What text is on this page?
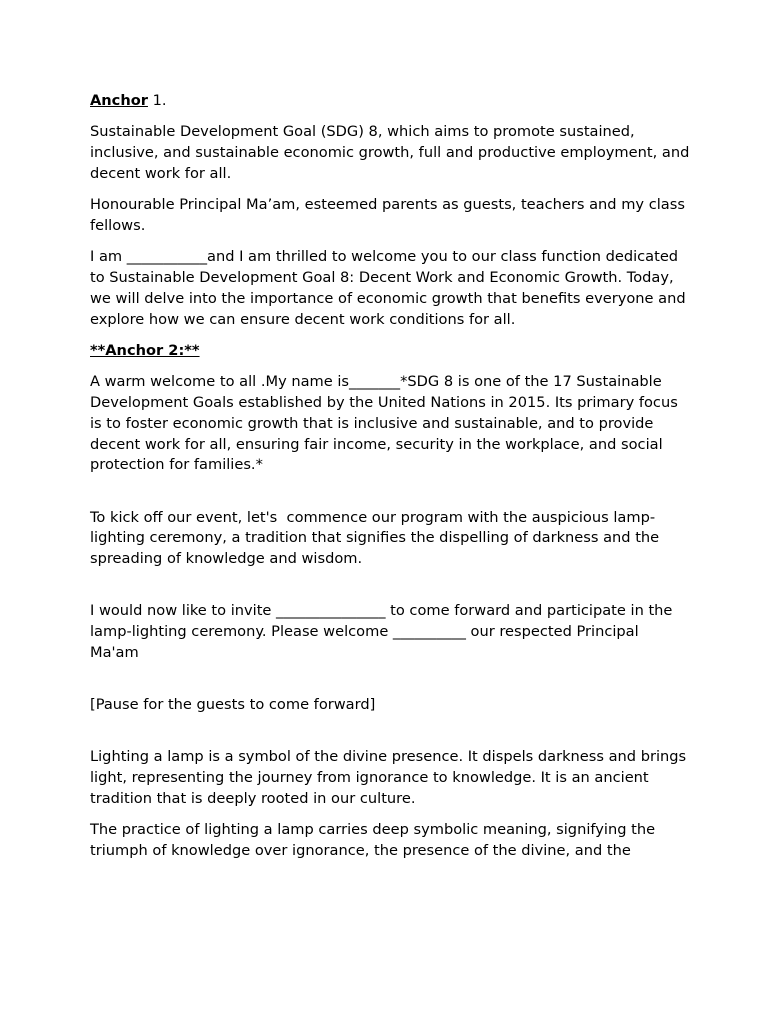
Anchor 1.

Sustainable Development Goal (SDG) 8, which aims to promote sustained, inclusive, and sustainable economic growth, full and productive employment, and decent work for all.

Honourable Principal Ma’am, esteemed parents as guests, teachers and my class fellows.

I am ___________and I am thrilled to welcome you to our class function dedicated to Sustainable Development Goal 8: Decent Work and Economic Growth. Today, we will delve into the importance of economic growth that benefits everyone and explore how we can ensure decent work conditions for all.

**Anchor 2:**

A warm welcome to all .My name is_______*SDG 8 is one of the 17 Sustainable Development Goals established by the United Nations in 2015. Its primary focus is to foster economic growth that is inclusive and sustainable, and to provide decent work for all, ensuring fair income, security in the workplace, and social protection for families.*

To kick off our event, let's  commence our program with the auspicious lamp-lighting ceremony, a tradition that signifies the dispelling of darkness and the spreading of knowledge and wisdom.

I would now like to invite _______________ to come forward and participate in the lamp-lighting ceremony. Please welcome __________ our respected Principal Ma'am

[Pause for the guests to come forward]

Lighting a lamp is a symbol of the divine presence. It dispels darkness and brings light, representing the journey from ignorance to knowledge. It is an ancient tradition that is deeply rooted in our culture.

The practice of lighting a lamp carries deep symbolic meaning, signifying the triumph of knowledge over ignorance, the presence of the divine, and the
